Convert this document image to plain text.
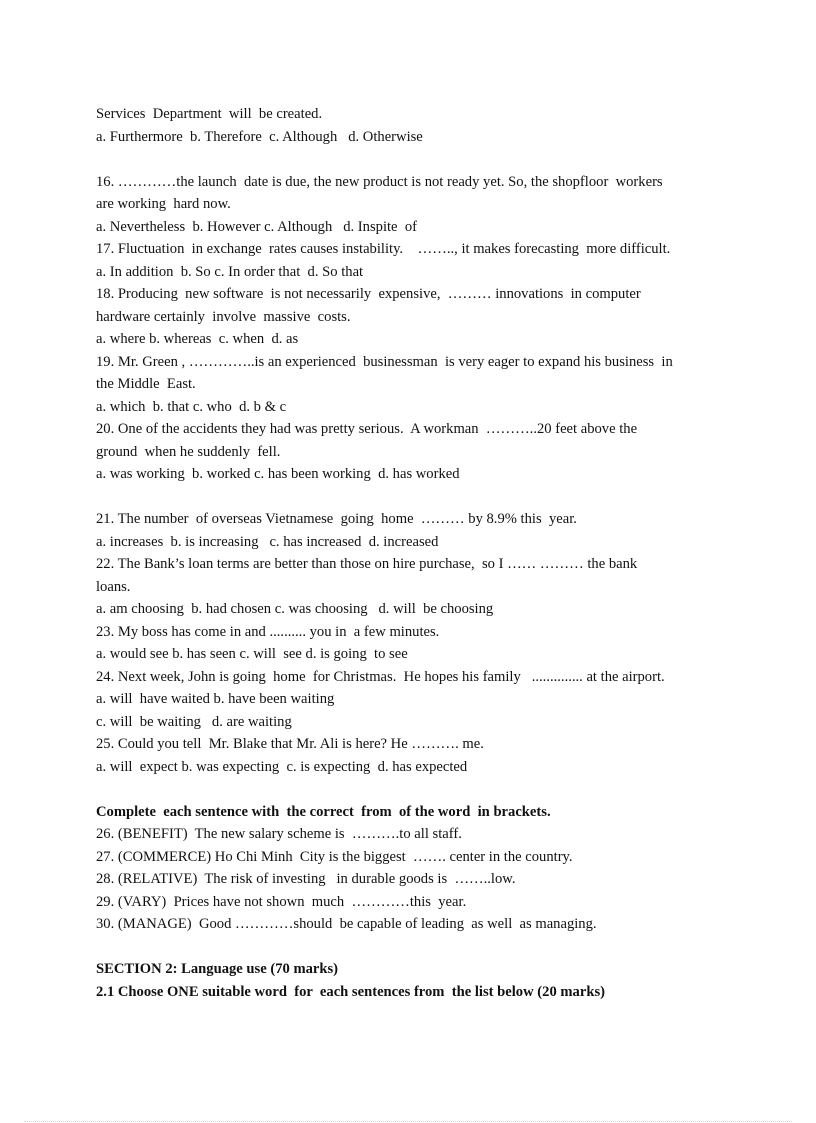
Services  Department  will  be created.

a. Furthermore  b. Therefore  c. Although   d. Otherwise

16. …………the launch  date is due, the new product is not ready yet. So, the shopfloor  workers

are working  hard now.

a. Nevertheless  b. However c. Although   d. Inspite  of

17. Fluctuation  in exchange  rates causes instability.    …….., it makes forecasting  more difficult.

a. In addition  b. So c. In order that  d. So that

18. Producing  new software  is not necessarily  expensive,  ……… innovations  in computer

hardware certainly  involve  massive  costs.

a. where b. whereas  c. when  d. as

19. Mr. Green , …………..is an experienced  businessman  is very eager to expand his business  in

the Middle  East.

a. which  b. that c. who  d. b & c

20. One of the accidents they had was pretty serious.  A workman  ………..20 feet above the

ground  when he suddenly  fell.

a. was working  b. worked c. has been working  d. has worked

21. The number  of overseas Vietnamese  going  home  ……… by 8.9% this  year.

a. increases  b. is increasing   c. has increased  d. increased

22. The Bank’s loan terms are better than those on hire purchase,  so I …… ……… the bank

loans.

a. am choosing  b. had chosen c. was choosing   d. will  be choosing

23. My boss has come in and .......... you in  a few minutes.

a. would see b. has seen c. will  see d. is going  to see

24. Next week, John is going  home  for Christmas.  He hopes his family   .............. at the airport.

a. will  have waited b. have been waiting

c. will  be waiting   d. are waiting

25. Could you tell  Mr. Blake that Mr. Ali is here? He ………. me.

a. will  expect b. was expecting  c. is expecting  d. has expected

Complete  each sentence with  the correct  from  of the word  in brackets.

26. (BENEFIT)  The new salary scheme is  ……….to all staff.

27. (COMMERCE) Ho Chi Minh  City is the biggest  ……. center in the country.

28. (RELATIVE)  The risk of investing   in durable goods is  ……..low.

29. (VARY)  Prices have not shown  much  …………this  year.

30. (MANAGE)  Good …………should  be capable of leading  as well  as managing.

SECTION 2: Language use (70 marks)

2.1 Choose ONE suitable word  for  each sentences from  the list below (20 marks)
